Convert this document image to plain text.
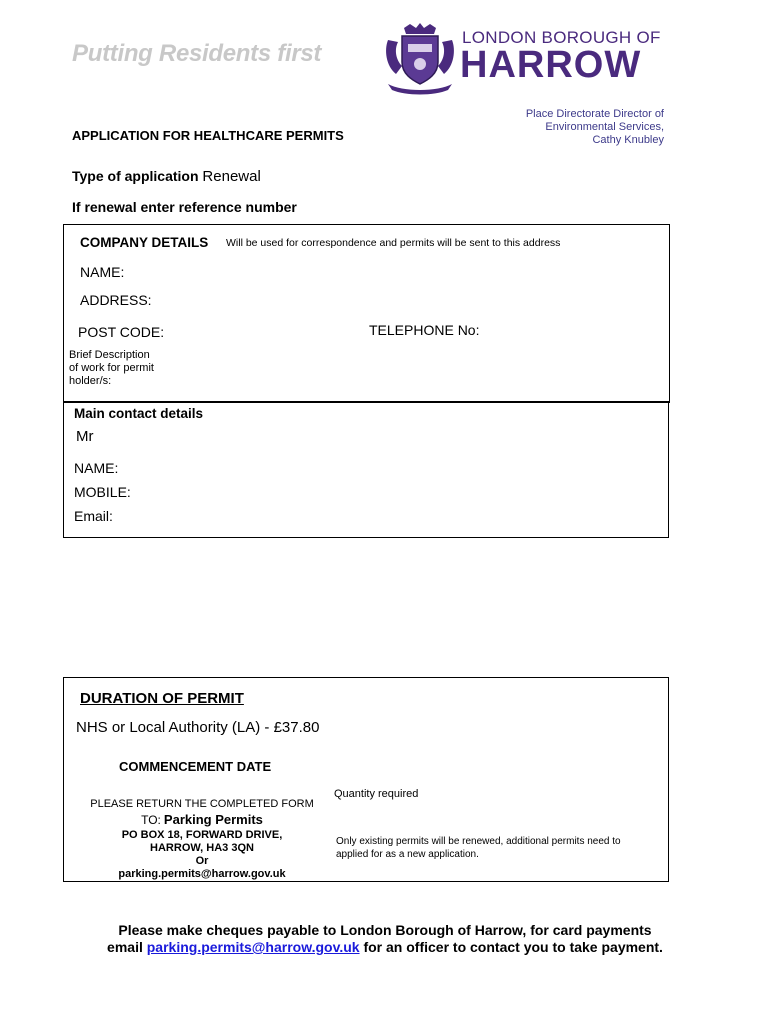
Putting Residents first
LONDON BOROUGH OF
HARROW
Place Directorate Director of
Environmental Services,
Cathy Knubley
APPLICATION FOR HEALTHCARE PERMITS
Type of application Renewal
If renewal enter reference number
COMPANY DETAILS Will be used for correspondence and permits will be sent to this address
NAME:
ADDRESS:
POST CODE:	TELEPHONE No:
Brief Description
of work for permit
holder/s:
Main contact details
Mr
NAME:
MOBILE:
Email:
DURATION OF PERMIT
NHS or Local Authority (LA) - £37.80
COMMENCEMENT DATE
Quantity required
PLEASE RETURN THE COMPLETED FORM
TO: Parking Permits
PO BOX 18, FORWARD DRIVE,
HARROW, HA3 3QN
Or
parking.permits@harrow.gov.uk
Only existing permits will be renewed, additional permits need to
applied for as a new application.
Please make cheques payable to London Borough of Harrow, for card payments
email parking.permits@harrow.gov.uk for an officer to contact you to take payment.
